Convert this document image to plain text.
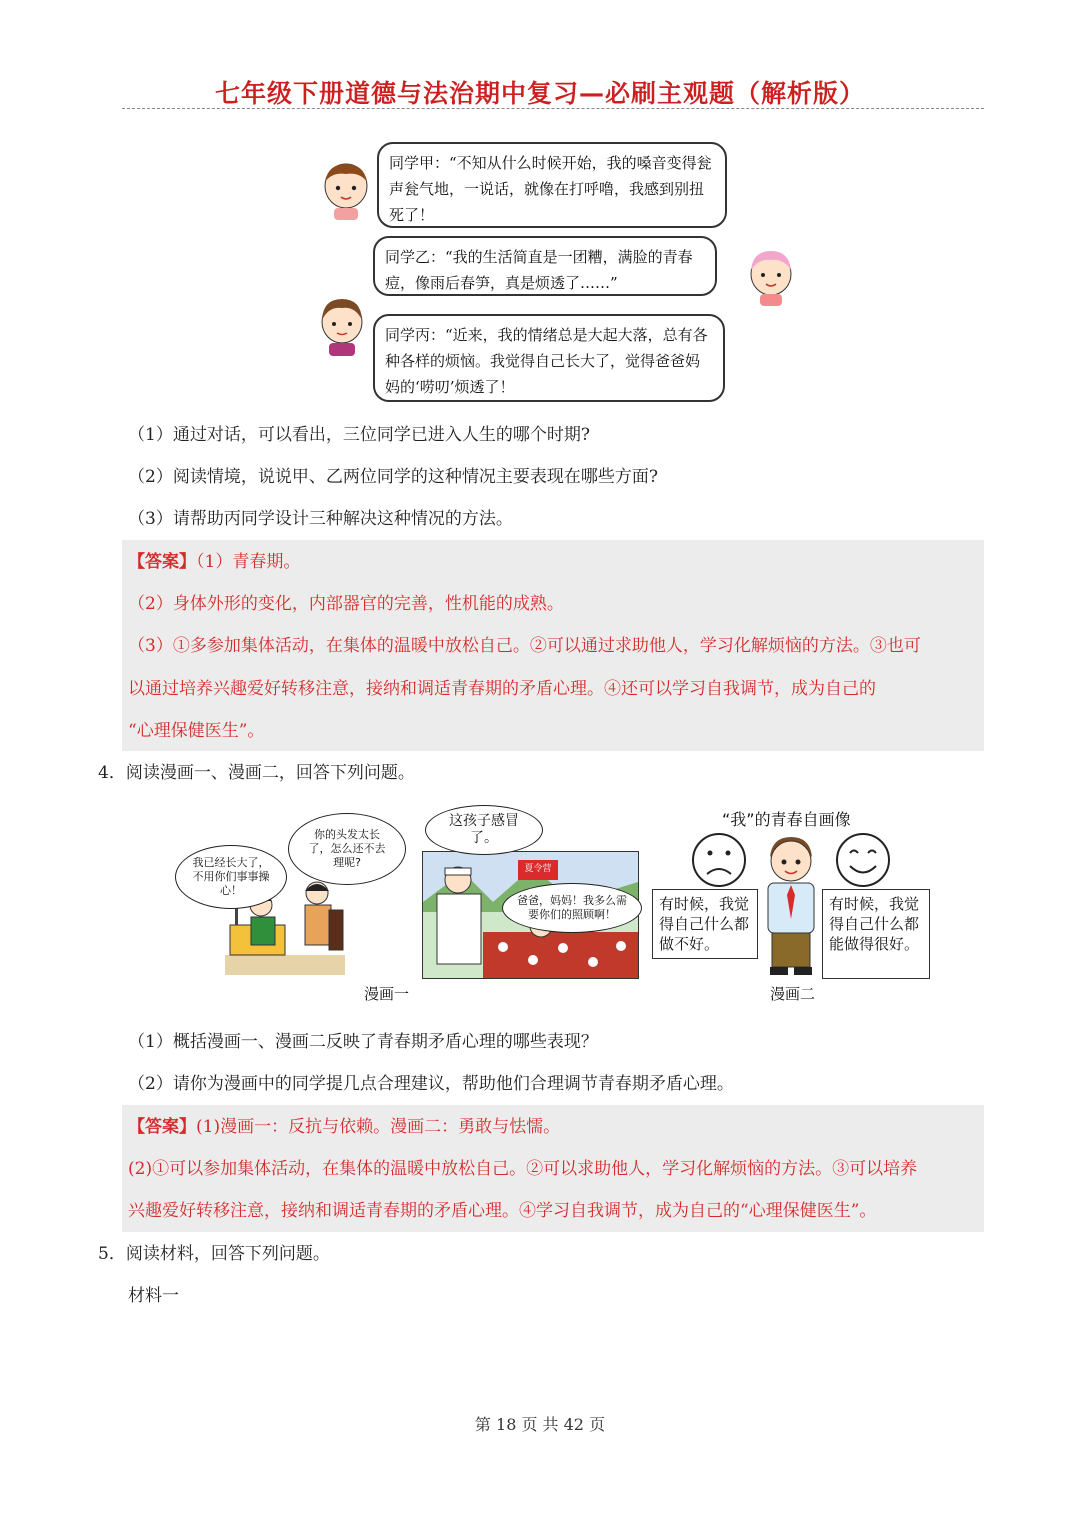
七年级下册道德与法治期中复习—必刷主观题（解析版）
同学甲：“不知从什么时候开始，我的嗓音变得瓮声瓮气地，一说话，就像在打呼噜，我感到别扭死了！
同学乙：“我的生活简直是一团糟，满脸的青春痘，像雨后春笋，真是烦透了……”
同学丙：“近来，我的情绪总是大起大落，总有各种各样的烦恼。我觉得自己长大了，觉得爸爸妈妈的‘唠叨’烦透了！
（1）通过对话，可以看出，三位同学已进入人生的哪个时期?
（2）阅读情境，说说甲、乙两位同学的这种情况主要表现在哪些方面?
（3）请帮助丙同学设计三种解决这种情况的方法。
【答案】（1）青春期。
（2）身体外形的变化，内部器官的完善，性机能的成熟。
（3）①多参加集体活动，在集体的温暖中放松自己。②可以通过求助他人，学习化解烦恼的方法。③也可
以通过培养兴趣爱好转移注意，接纳和调适青春期的矛盾心理。④还可以学习自我调节，成为自己的
“心理保健医生”。
4．阅读漫画一、漫画二，回答下列问题。
我已经长大了，不用你们事事操心！
你的头发太长了，怎么还不去理呢?
夏令营
这孩子感冒了。
爸爸，妈妈！我多么需要你们的照顾啊！
漫画一
“我”的青春自画像
有时候，我觉得自己什么都做不好。
有时候，我觉得自己什么都能做得很好。
漫画二
（1）概括漫画一、漫画二反映了青春期矛盾心理的哪些表现？
（2）请你为漫画中的同学提几点合理建议，帮助他们合理调节青春期矛盾心理。
【答案】(1)漫画一：反抗与依赖。漫画二：勇敢与怯懦。
(2)①可以参加集体活动，在集体的温暖中放松自己。②可以求助他人，学习化解烦恼的方法。③可以培养
兴趣爱好转移注意，接纳和调适青春期的矛盾心理。④学习自我调节，成为自己的“心理保健医生”。
5．阅读材料，回答下列问题。
材料一
第 18 页 共 42 页
